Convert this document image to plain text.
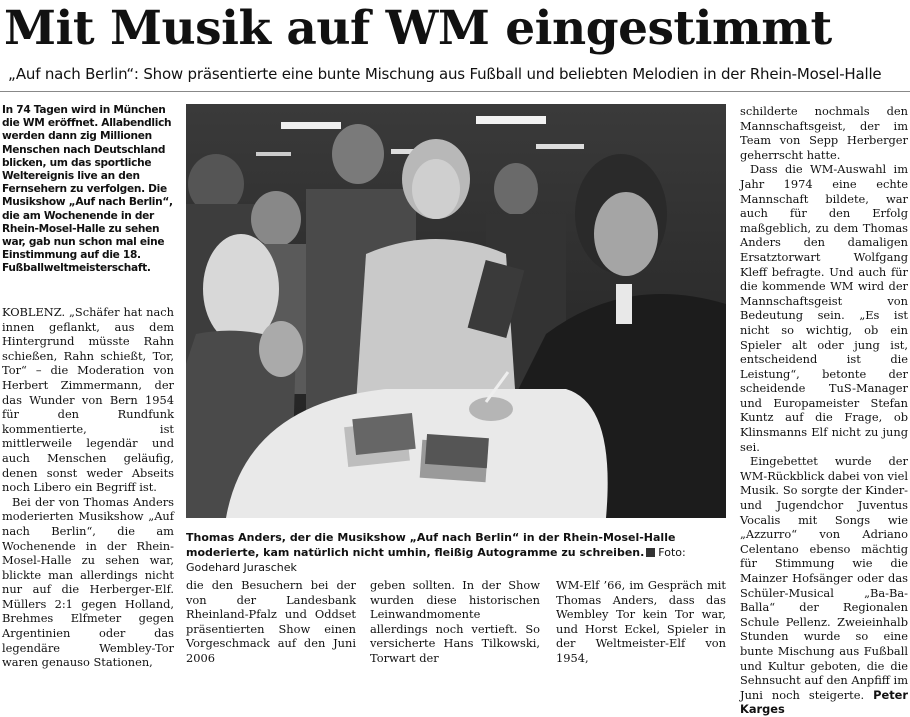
Mit Musik auf WM eingestimmt
„Auf nach Berlin“: Show präsentierte eine bunte Mischung aus Fußball und beliebten Melodien in der Rhein-Mosel-Halle
In 74 Tagen wird in München die WM eröffnet. Allabendlich werden dann zig Millionen Menschen nach Deutschland blicken, um das sportliche Weltereignis live an den Fernsehern zu verfolgen. Die Musikshow „Auf nach Berlin“, die am Wochenende in der Rhein-Mosel-Halle zu sehen war, gab nun schon mal eine Einstimmung auf die 18. Fußballweltmeisterschaft.

KOBLENZ. „Schäfer hat nach innen geflankt, aus dem Hintergrund müsste Rahn schießen, Rahn schießt, Tor, Tor“ – die Moderation von Herbert Zimmermann, der das Wunder von Bern 1954 für den Rundfunk kommentierte, ist mittlerweile legendär und auch Menschen geläufig, denen sonst weder Abseits noch Libero ein Begriff ist.

Bei der von Thomas Anders moderierten Musikshow „Auf nach Berlin“, die am Wochenende in der Rhein-Mosel-Halle zu sehen war, blickte man allerdings nicht nur auf die Herberger-Elf. Müllers 2:1 gegen Holland, Brehmes Elfmeter gegen Argentinien oder das legendäre Wembley-Tor waren genauso Stationen,

Thomas Anders, der die Musikshow „Auf nach Berlin“ in der Rhein-Mosel-Halle moderierte, kam natürlich nicht umhin, fleißig Autogramme zu schreiben. Foto: Godehard Juraschek

die den Besuchern bei der von der Landesbank Rheinland-Pfalz und Oddset präsentierten Show einen Vorgeschmack auf den Juni 2006

geben sollten. In der Show wurden diese historischen Leinwandmomente allerdings noch vertieft. So versicherte Hans Tilkowski, Torwart der

WM-Elf ’66, im Gespräch mit Thomas Anders, dass das Wembley Tor kein Tor war, und Horst Eckel, Spieler in der Weltmeister-Elf von 1954,

schilderte nochmals den Mannschaftsgeist, der im Team von Sepp Herberger geherrscht hatte.

Dass die WM-Auswahl im Jahr 1974 eine echte Mannschaft bildete, war auch für den Erfolg maßgeblich, zu dem Thomas Anders den damaligen Ersatztorwart Wolfgang Kleff befragte. Und auch für die kommende WM wird der Mannschaftsgeist von Bedeutung sein. „Es ist nicht so wichtig, ob ein Spieler alt oder jung ist, entscheidend ist die Leistung“, betonte der scheidende TuS-Manager und Europameister Stefan Kuntz auf die Frage, ob Klinsmanns Elf nicht zu jung sei.

Eingebettet wurde der WM-Rückblick dabei von viel Musik. So sorgte der Kinder- und Jugendchor Juventus Vocalis mit Songs wie „Azzurro“ von Adriano Celentano ebenso mächtig für Stimmung wie die Mainzer Hofsänger oder das Schüler-Musical „Ba-Ba-Balla“ der Regionalen Schule Pellenz. Zweieinhalb Stunden wurde so eine bunte Mischung aus Fußball und Kultur geboten, die die Sehnsucht auf den Anpfiff im Juni noch steigerte. Peter Karges
